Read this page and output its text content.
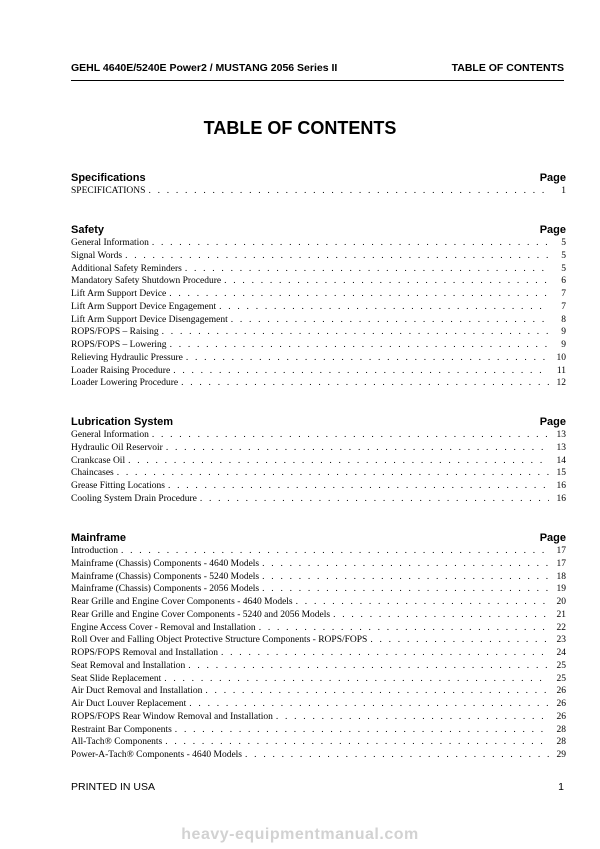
GEHL 4640E/5240E Power2 / MUSTANG 2056 Series II	TABLE OF CONTENTS
TABLE OF CONTENTS
Specifications	Page
SPECIFICATIONS . . .	1
Safety	Page
General Information . . .	5
Signal Words . . .	5
Additional Safety Reminders . . .	5
Mandatory Safety Shutdown Procedure . . .	6
Lift Arm Support Device . . .	7
Lift Arm Support Device Engagement . . .	7
Lift Arm Support Device Disengagement . . .	8
ROPS/FOPS – Raising . . .	9
ROPS/FOPS – Lowering . . .	9
Relieving Hydraulic Pressure . . .	10
Loader Raising Procedure . . .	11
Loader Lowering Procedure . . .	12
Lubrication System	Page
General Information . . .	13
Hydraulic Oil Reservoir . . .	13
Crankcase Oil . . .	14
Chaincases . . .	15
Grease Fitting Locations . . .	16
Cooling System Drain Procedure . . .	16
Mainframe	Page
Introduction . . .	17
Mainframe (Chassis) Components - 4640 Models . . .	17
Mainframe (Chassis) Components - 5240 Models . . .	18
Mainframe (Chassis) Components - 2056 Models . . .	19
Rear Grille and Engine Cover Components - 4640 Models . . .	20
Rear Grille and Engine Cover Components - 5240 and 2056 Models . . .	21
Engine Access Cover - Removal and Installation . . .	22
Roll Over and Falling Object Protective Structure Components - ROPS/FOPS . . .	23
ROPS/FOPS Removal and Installation . . .	24
Seat Removal and Installation . . .	25
Seat Slide Replacement . . .	25
Air Duct Removal and Installation . . .	26
Air Duct Louver Replacement . . .	26
ROPS/FOPS Rear Window Removal and Installation . . .	26
Restraint Bar Components . . .	28
All-Tach® Components . . .	28
Power-A-Tach® Components - 4640 Models . . .	29
PRINTED IN USA	1
heavy-equipmentmanual.com
